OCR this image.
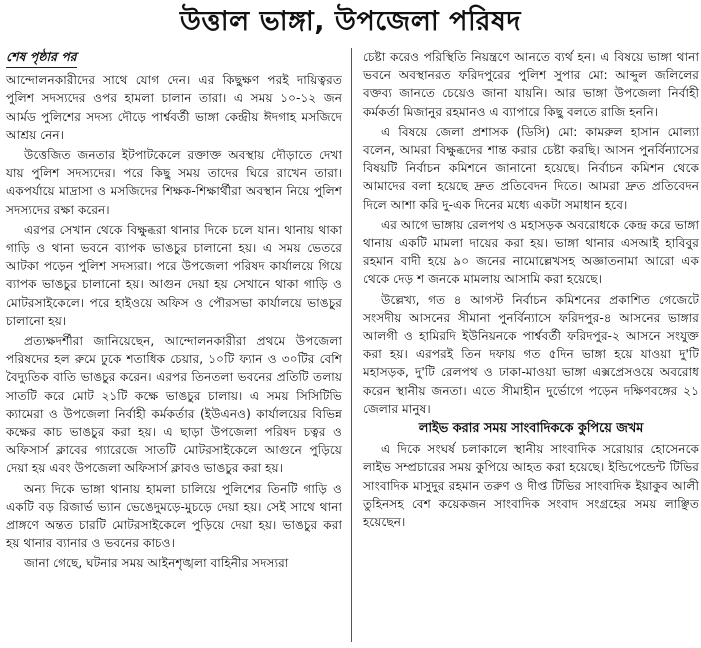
উত্তাল ভাঙ্গা, উপজেলা পরিষদ
শেষ পৃষ্ঠার পর

আন্দোলনকারীদের সাথে যোগ দেন। এর কিছুক্ষণ পরই দায়িত্বরত পুলিশ সদস্যদের ওপর হামলা চালান তারা। এ সময় ১০-১২ জন আর্মড পুলিশের সদস্য দৌড়ে পার্শ্ববর্তী ভাঙ্গা কেন্দ্রীয় ঈদগাহ মসজিদে আশ্রয় নেন।

উত্তেজিত জনতার ইটপাটকেলে রক্তাক্ত অবস্থায় দৌড়াতে দেখা যায় পুলিশ সদস্যদের। পরে কিছু সময় তাদের ঘিরে রাখেন তারা। একপর্যায়ে মাদ্রাসা ও মসজিদের শিক্ষক-শিক্ষার্থীরা অবস্থান নিয়ে পুলিশ সদস্যদের রক্ষা করেন।

এরপর সেখান থেকে বিক্ষুব্ধরা থানার দিকে চলে যান। থানায় থাকা গাড়ি ও থানা ভবনে ব্যাপক ভাঙচুর চালানো হয়। এ সময় ভেতরে আটকা পড়েন পুলিশ সদস্যরা। পরে উপজেলা পরিষদ কার্যালয়ে গিয়ে ব্যাপক ভাঙচুর চালানো হয়। আগুন দেয়া হয় সেখানে থাকা গাড়ি ও মোটরসাইকেলে। পরে হাইওয়ে অফিস ও পৌরসভা কার্যালয়ে ভাঙচুর চালানো হয়।

প্রত্যক্ষদর্শীরা জানিয়েছেন, আন্দোলনকারীরা প্রথমে উপজেলা পরিষদের হল রুমে ঢুকে শতাধিক চেয়ার, ১০টি ফ্যান ও ৩০টির বেশি বৈদ্যুতিক বাতি ভাঙচুর করেন। এরপর তিনতলা ভবনের প্রতিটি তলায় সাতটি করে মোট ২১টি কক্ষে ভাঙচুর চালায়। এ সময় সিসিটিভি ক্যামেরা ও উপজেলা নির্বাহী কর্মকর্তার (ইউএনও) কার্যালয়ের বিভিন্ন কক্ষের কাচ ভাঙচুর করা হয়। এ ছাড়া উপজেলা পরিষদ চত্বর ও অফিসার্স ক্লাবের গ্যারেজে সাতটি মোটরসাইকেলে আগুনে পুড়িয়ে দেয়া হয় এবং উপজেলা অফিসার্স ক্লাবও ভাঙচুর করা হয়।

অন্য দিকে ভাঙ্গা থানায় হামলা চালিয়ে পুলিশের তিনটি গাড়ি ও একটি বড় রিজার্ভ ভ্যান ভেঙেদুমড়ে-মুচড়ে দেয়া হয়। সেই সাথে থানা প্রাঙ্গণে অন্তত চারটি মোটরসাইকেলে পুড়িয়ে দেয়া হয়। ভাঙচুর করা হয় থানার ব্যানার ও ভবনের কাচও।

জানা গেছে, ঘটনার সময় আইনশৃঙ্খলা বাহিনীর সদস্যরা

চেষ্টা করেও পরিস্থিতি নিয়ন্ত্রণে আনতে ব্যর্থ হন। এ বিষয়ে ভাঙ্গা থানা ভবনে অবস্থানরত ফরিদপুরের পুলিশ সুপার মো: আব্দুল জলিলের বক্তব্য জানতে চেয়েও জানা যায়নি। আর ভাঙ্গা উপজেলা নির্বাহী কর্মকর্তা মিজানুর রহমানও এ ব্যাপারে কিছু বলতে রাজি হননি।

এ বিষয়ে জেলা প্রশাসক (ডিসি) মো: কামরুল হাসান মোল্যা বলেন, আমরা বিক্ষুব্ধদের শান্ত করার চেষ্টা করছি। আসন পুনর্বিন্যাসের বিষয়টি নির্বাচন কমিশনে জানানো হয়েছে। নির্বাচন কমিশন থেকে আমাদের বলা হয়েছে দ্রুত প্রতিবেদন দিতে। আমরা দ্রুত প্রতিবেদন দিলে আশা করি দু-এক দিনের মধ্যে একটা সমাধান হবে।

এর আগে ভাঙ্গায় রেলপথ ও মহাসড়ক অবরোধকে কেন্দ্র করে ভাঙ্গা থানায় একটি মামলা দায়ের করা হয়। ভাঙ্গা থানার এসআই হাবিবুর রহমান বাদী হয়ে ৯০ জনের নামোল্লেখসহ অজ্ঞাতনামা আরো এক থেকে দেড় শ জনকে মামলায় আসামি করা হয়েছে।

উল্লেখ্য, গত ৪ আগস্ট নির্বাচন কমিশনের প্রকাশিত গেজেটে সংসদীয় আসনের সীমানা পুনর্বিন্যাসে ফরিদপুর-৪ আসনের ভাঙ্গার আলগী ও হামিরদি ইউনিয়নকে পার্শ্ববর্তী ফরিদপুর-২ আসনে সংযুক্ত করা হয়। এরপরই তিন দফায় গত ৫দিন ভাঙ্গা হয়ে যাওয়া দু'টি মহাসড়ক, দু'টি রেলপথ ও ঢাকা-মাওয়া ভাঙ্গা এক্সপ্রেসওয়ে অবরোধ করেন স্থানীয় জনতা। এতে সীমাহীন দুর্ভোগে পড়েন দক্ষিণবঙ্গের ২১ জেলার মানুষ।

লাইভ করার সময় সাংবাদিককে কুপিয়ে জখম

এ দিকে সংঘর্ষ চলাকালে স্থানীয় সাংবাদিক সরোয়ার হোসেনকে লাইভ সম্প্রচারের সময় কুপিয়ে আহত করা হয়েছে। ইন্ডিপেন্ডেন্ট টিভির সাংবাদিক মাসুদুর রহমান তরুণ ও দীপ্ত টিভির সাংবাদিক ইয়াকুব আলী তুহিনসহ বেশ কয়েকজন সাংবাদিক সংবাদ সংগ্রহের সময় লাঞ্ছিত হয়েছেন।
